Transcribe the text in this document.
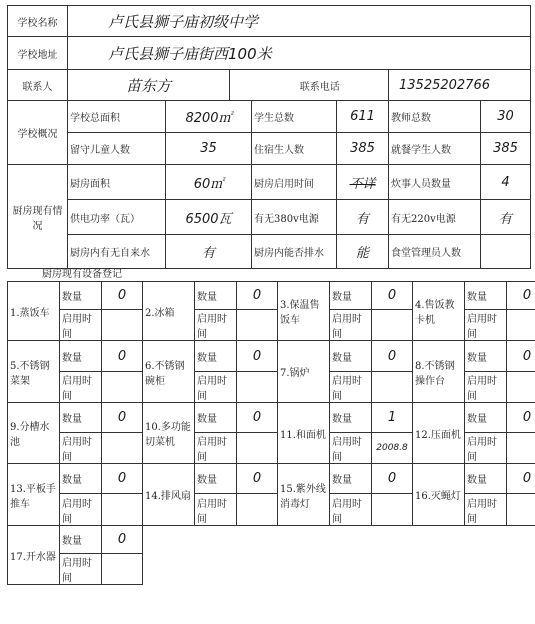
学校名称	卢氏县狮子庙初级中学						
学校地址	卢氏县狮子庙街西100米						
联系人	苗东方			联系电话		13525202766	
学校概况	学校总面积	8200㎡		学生总数	611	教师总数	30
	留守儿童人数	35		住宿生人数	385	就餐学生人数	385
厨房现有情况	厨房面积	60㎡		厨房启用时间	不详	炊事人员数量	4
	供电功率（瓦）	6500瓦		有无380v电源	有	有无220v电源	有
	厨房内有无自来水	有		厨房内能否排水	能	食堂管理员人数	
厨房现有设备登记
1.蒸饭车	数量	0	2.冰箱	数量	0	3.保温售饭车	数量	0	4.售饭教卡机	数量	0
	启用时间			启用时间			启用时间			启用时间	
5.不锈钢菜架	数量	0	6.不锈钢碗柜	数量	0	7.锅炉	数量	0	8.不锈钢操作台	数量	0
	启用时间			启用时间			启用时间			启用时间	
9.分槽水池	数量	0	10.多功能切菜机	数量	0	11.和面机	数量	1	12.压面机	数量	0
	启用时间			启用时间			启用时间	2008.8		启用时间	
13.平板手推车	数量	0	14.排风扇	数量	0	15.紫外线消毒灯	数量	0	16.灭蝇灯	数量	0
	启用时间			启用时间			启用时间			启用时间	
17.开水器	数量	0									
	启用时间										
